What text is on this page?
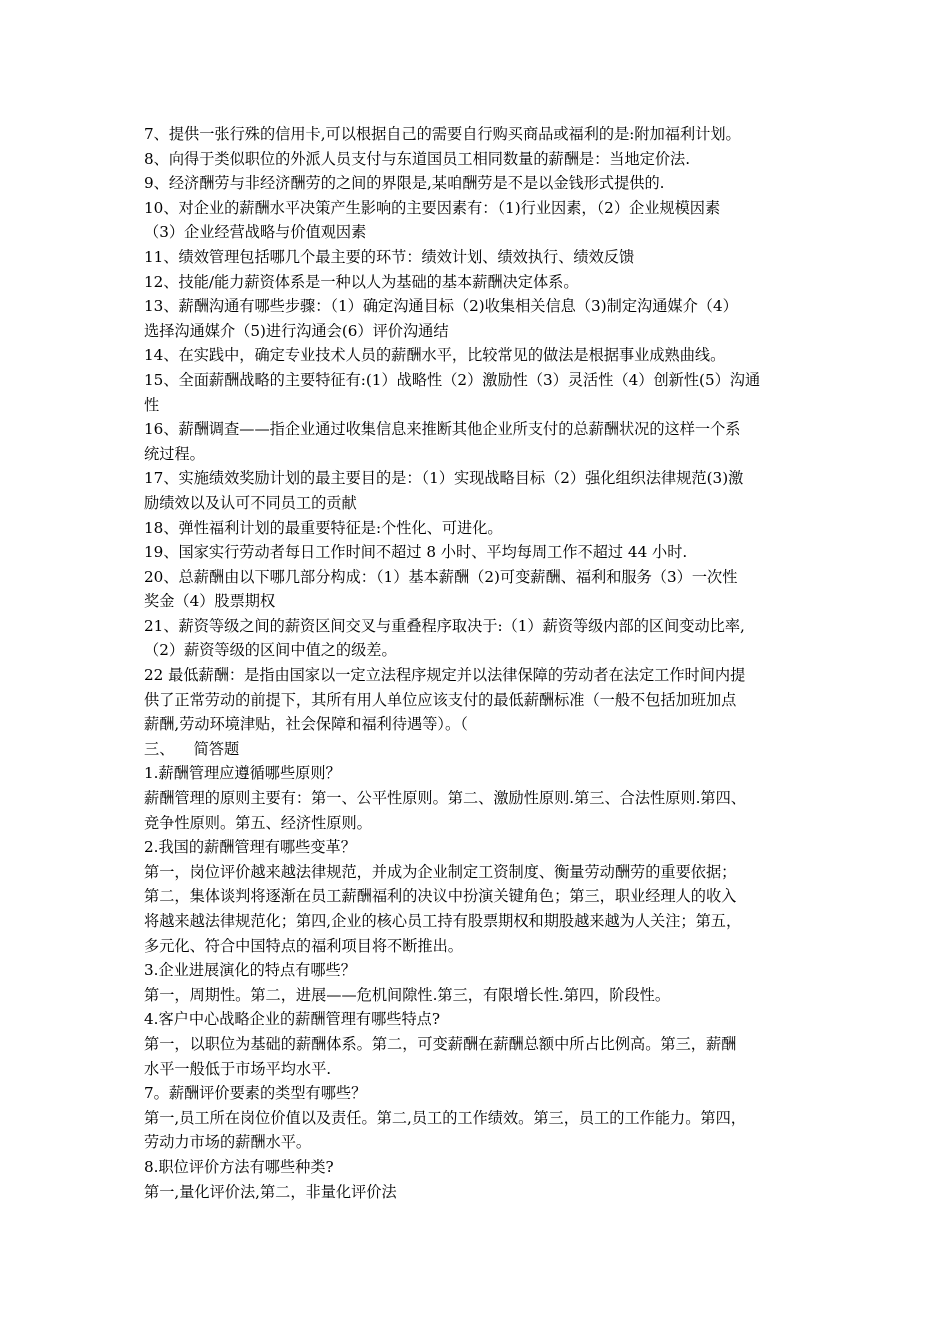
7、提供一张行殊的信用卡,可以根据自己的需要自行购买商品或福利的是:附加福利计划。
8、向得于类似职位的外派人员支付与东道国员工相同数量的薪酬是：当地定价法.
9、经济酬劳与非经济酬劳的之间的界限是,某咱酬劳是不是以金钱形式提供的.
10、对企业的薪酬水平决策产生影响的主要因素有：（1)行业因素，（2）企业规模因素
（3）企业经营战略与价值观因素
11、绩效管理包括哪几个最主要的环节：绩效计划、绩效执行、绩效反馈
12、技能/能力薪资体系是一种以人为基础的基本薪酬决定体系。
13、薪酬沟通有哪些步骤：（1）确定沟通目标（2)收集相关信息（3)制定沟通媒介（4）
选择沟通媒介（5)进行沟通会(6）评价沟通结
14、在实践中，确定专业技术人员的薪酬水平，比较常见的做法是根据事业成熟曲线。
15、全面薪酬战略的主要特征有:(1）战略性（2）激励性（3）灵活性（4）创新性(5）沟通
性
16、薪酬调查——指企业通过收集信息来推断其他企业所支付的总薪酬状况的这样一个系
统过程。
17、实施绩效奖励计划的最主要目的是：（1）实现战略目标（2）强化组织法律规范(3)激
励绩效以及认可不同员工的贡献
18、弹性福利计划的最重要特征是:个性化、可进化。
19、国家实行劳动者每日工作时间不超过 8 小时、平均每周工作不超过 44 小时.
20、总薪酬由以下哪几部分构成：（1）基本薪酬（2)可变薪酬、福利和服务（3）一次性
奖金（4）股票期权
21、薪资等级之间的薪资区间交叉与重叠程序取决于:（1）薪资等级内部的区间变动比率,
（2）薪资等级的区间中值之的级差。
22 最低薪酬：是指由国家以一定立法程序规定并以法律保障的劳动者在法定工作时间内提
供了正常劳动的前提下，其所有用人单位应该支付的最低薪酬标准（一般不包括加班加点
薪酬,劳动环境津贴，社会保障和福利待遇等）。（
三、    简答题
1.薪酬管理应遵循哪些原则？
薪酬管理的原则主要有：第一、公平性原则。第二、激励性原则.第三、合法性原则.第四、
竞争性原则。第五、经济性原则。
2.我国的薪酬管理有哪些变革？
第一，岗位评价越来越法律规范，并成为企业制定工资制度、衡量劳动酬劳的重要依据；
第二，集体谈判将逐渐在员工薪酬福利的决议中扮演关键角色；第三，职业经理人的收入
将越来越法律规范化；第四,企业的核心员工持有股票期权和期股越来越为人关注；第五，
多元化、符合中国特点的福利项目将不断推出。
3.企业进展演化的特点有哪些？
第一，周期性。第二，进展——危机间隙性.第三，有限增长性.第四，阶段性。
4.客户中心战略企业的薪酬管理有哪些特点?
第一，以职位为基础的薪酬体系。第二，可变薪酬在薪酬总额中所占比例高。第三，薪酬
水平一般低于市场平均水平.
7。薪酬评价要素的类型有哪些？
第一,员工所在岗位价值以及责任。第二,员工的工作绩效。第三，员工的工作能力。第四，
劳动力市场的薪酬水平。
8.职位评价方法有哪些种类?
第一,量化评价法,第二，非量化评价法
